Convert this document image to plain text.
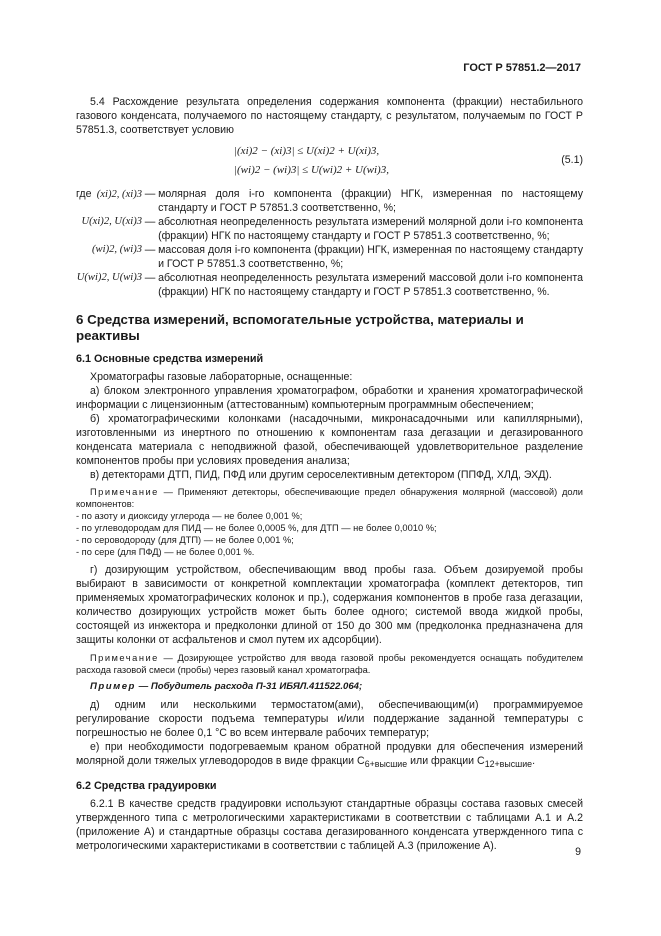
ГОСТ Р 57851.2—2017

5.4 Расхождение результата определения содержания компонента (фракции) нестабильного газового конденсата, получаемого по настоящему стандарту, с результатом, получаемым по ГОСТ Р 57851.3, соответствует условию

|(xi)2 − (xi)3| ≤ U(xi)2 + U(xi)3,
|(wi)2 − (wi)3| ≤ U(wi)2 + U(wi)3,
(5.1)
где (xi)2, (xi)3	—	молярная доля i-го компонента (фракции) НГК, измеренная по настоящему стандарту и ГОСТ Р 57851.3 соответственно, %;
U(xi)2, U(xi)3	—	абсолютная неопределенность результата измерений молярной доли i-го компонента (фракции) НГК по настоящему стандарту и ГОСТ Р 57851.3 соответственно, %;
(wi)2, (wi)3	—	массовая доля i-го компонента (фракции) НГК, измеренная по настоящему стандарту и ГОСТ Р 57851.3 соответственно, %;
U(wi)2, U(wi)3	—	абсолютная неопределенность результата измерений массовой доли i-го компонента (фракции) НГК по настоящему стандарту и ГОСТ Р 57851.3 соответственно, %.
6 Средства измерений, вспомогательные устройства, материалы и реактивы
6.1 Основные средства измерений

Хроматографы газовые лабораторные, оснащенные:

а) блоком электронного управления хроматографом, обработки и хранения хроматографической информации с лицензионным (аттестованным) компьютерным программным обеспечением;

б) хроматографическими колонками (насадочными, микронасадочными или капиллярными), изготовленными из инертного по отношению к компонентам газа дегазации и дегазированного конденсата материала с неподвижной фазой, обеспечивающей удовлетворительное разделение компонентов пробы при условиях проведения анализа;

в) детекторами ДТП, ПИД, ПФД или другим сероселективным детектором (ППФД, ХЛД, ЭХД).

Примечание — Применяют детекторы, обеспечивающие предел обнаружения молярной (массовой) доли компонентов:

- по азоту и диоксиду углерода — не более 0,001 %;
- по углеводородам для ПИД — не более 0,0005 %, для ДТП — не более 0,0010 %;
- по сероводороду (для ДТП) — не более 0,001 %;
- по сере (для ПФД) — не более 0,001 %.

г) дозирующим устройством, обеспечивающим ввод пробы газа. Объем дозируемой пробы выбирают в зависимости от конкретной комплектации хроматографа (комплект детекторов, тип применяемых хроматографических колонок и пр.), содержания компонентов в пробе газа дегазации, количество дозирующих устройств может быть более одного; системой ввода жидкой пробы, состоящей из инжектора и предколонки длиной от 150 до 300 мм (предколонка предназначена для защиты колонки от асфальтенов и смол путем их адсорбции).

Примечание — Дозирующее устройство для ввода газовой пробы рекомендуется оснащать побудителем расхода газовой смеси (пробы) через газовый канал хроматографа.

Пример — Побудитель расхода П-31 ИБЯЛ.411522.064;

д) одним или несколькими термостатом(ами), обеспечивающим(и) программируемое регулирование скорости подъема температуры и/или поддержание заданной температуры с погрешностью не более 0,1 °С во всем интервале рабочих температур;

е) при необходимости подогреваемым краном обратной продувки для обеспечения измерений молярной доли тяжелых углеводородов в виде фракции $С_{6+высшие}$ или фракции $С_{12+высшие}$.

6.2 Средства градуировки

6.2.1 В качестве средств градуировки используют стандартные образцы состава газовых смесей утвержденного типа с метрологическими характеристиками в соответствии с таблицами А.1 и А.2 (приложение А) и стандартные образцы состава дегазированного конденсата утвержденного типа с метрологическими характеристиками в соответствии с таблицей А.3 (приложение А).	9
